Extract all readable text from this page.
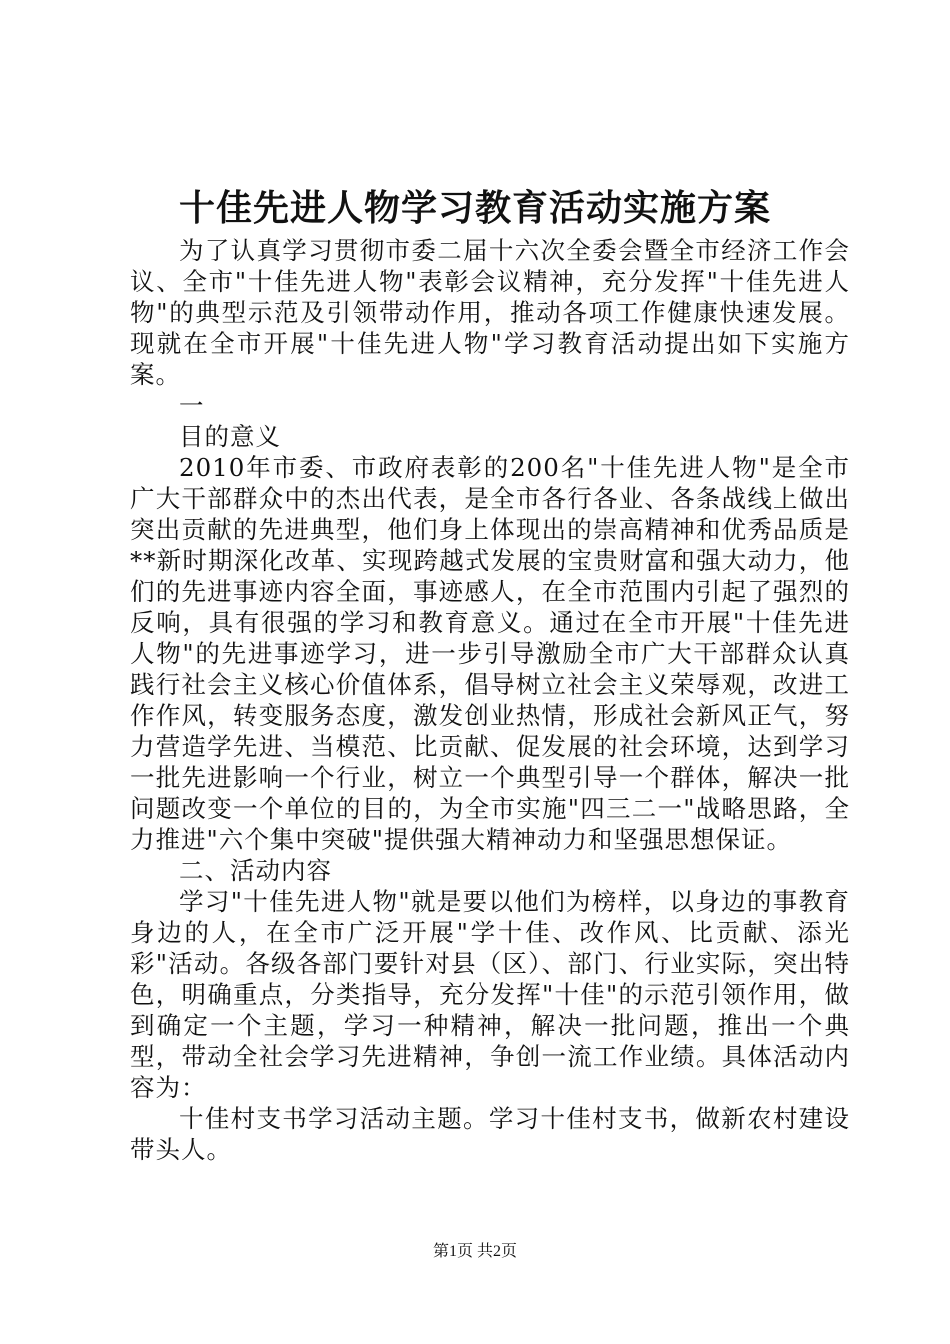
十佳先进人物学习教育活动实施方案

为了认真学习贯彻市委二届十六次全委会暨全市经济工作会议、全市"十佳先进人物"表彰会议精神，充分发挥"十佳先进人物"的典型示范及引领带动作用，推动各项工作健康快速发展。现就在全市开展"十佳先进人物"学习教育活动提出如下实施方案。

一

目的意义

2010年市委、市政府表彰的200名"十佳先进人物"是全市广大干部群众中的杰出代表，是全市各行各业、各条战线上做出突出贡献的先进典型，他们身上体现出的崇高精神和优秀品质是**新时期深化改革、实现跨越式发展的宝贵财富和强大动力，他们的先进事迹内容全面，事迹感人，在全市范围内引起了强烈的反响，具有很强的学习和教育意义。通过在全市开展"十佳先进人物"的先进事迹学习，进一步引导激励全市广大干部群众认真践行社会主义核心价值体系，倡导树立社会主义荣辱观，改进工作作风，转变服务态度，激发创业热情，形成社会新风正气，努力营造学先进、当模范、比贡献、促发展的社会环境，达到学习一批先进影响一个行业，树立一个典型引导一个群体，解决一批问题改变一个单位的目的，为全市实施"四三二一"战略思路，全力推进"六个集中突破"提供强大精神动力和坚强思想保证。

二、活动内容

学习"十佳先进人物"就是要以他们为榜样，以身边的事教育身边的人，在全市广泛开展"学十佳、改作风、比贡献、添光彩"活动。各级各部门要针对县（区）、部门、行业实际，突出特色，明确重点，分类指导，充分发挥"十佳"的示范引领作用，做到确定一个主题，学习一种精神，解决一批问题，推出一个典型，带动全社会学习先进精神，争创一流工作业绩。具体活动内容为：

十佳村支书学习活动主题。学习十佳村支书，做新农村建设带头人。

第1页 共2页
